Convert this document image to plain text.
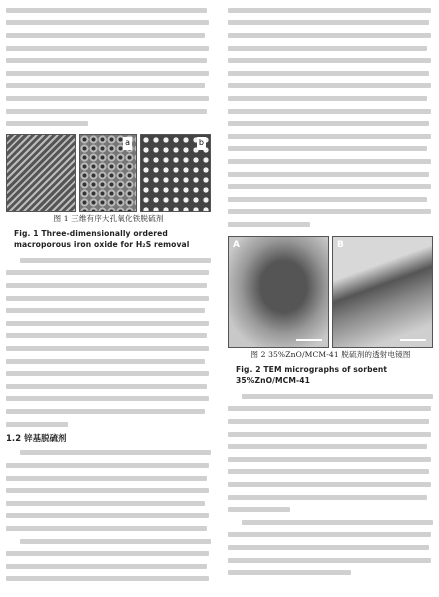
a	b
图 1 三维有序大孔氧化铁脱硫剂
Fig. 1 Three-dimensionally ordered macroporous iron oxide for H₂S removal
1.2 锌基脱硫剂
A	B
图 2 35%ZnO/MCM-41 脱硫剂的透射电镜图
Fig. 2 TEM micrographs of sorbent 35%ZnO/MCM-41
